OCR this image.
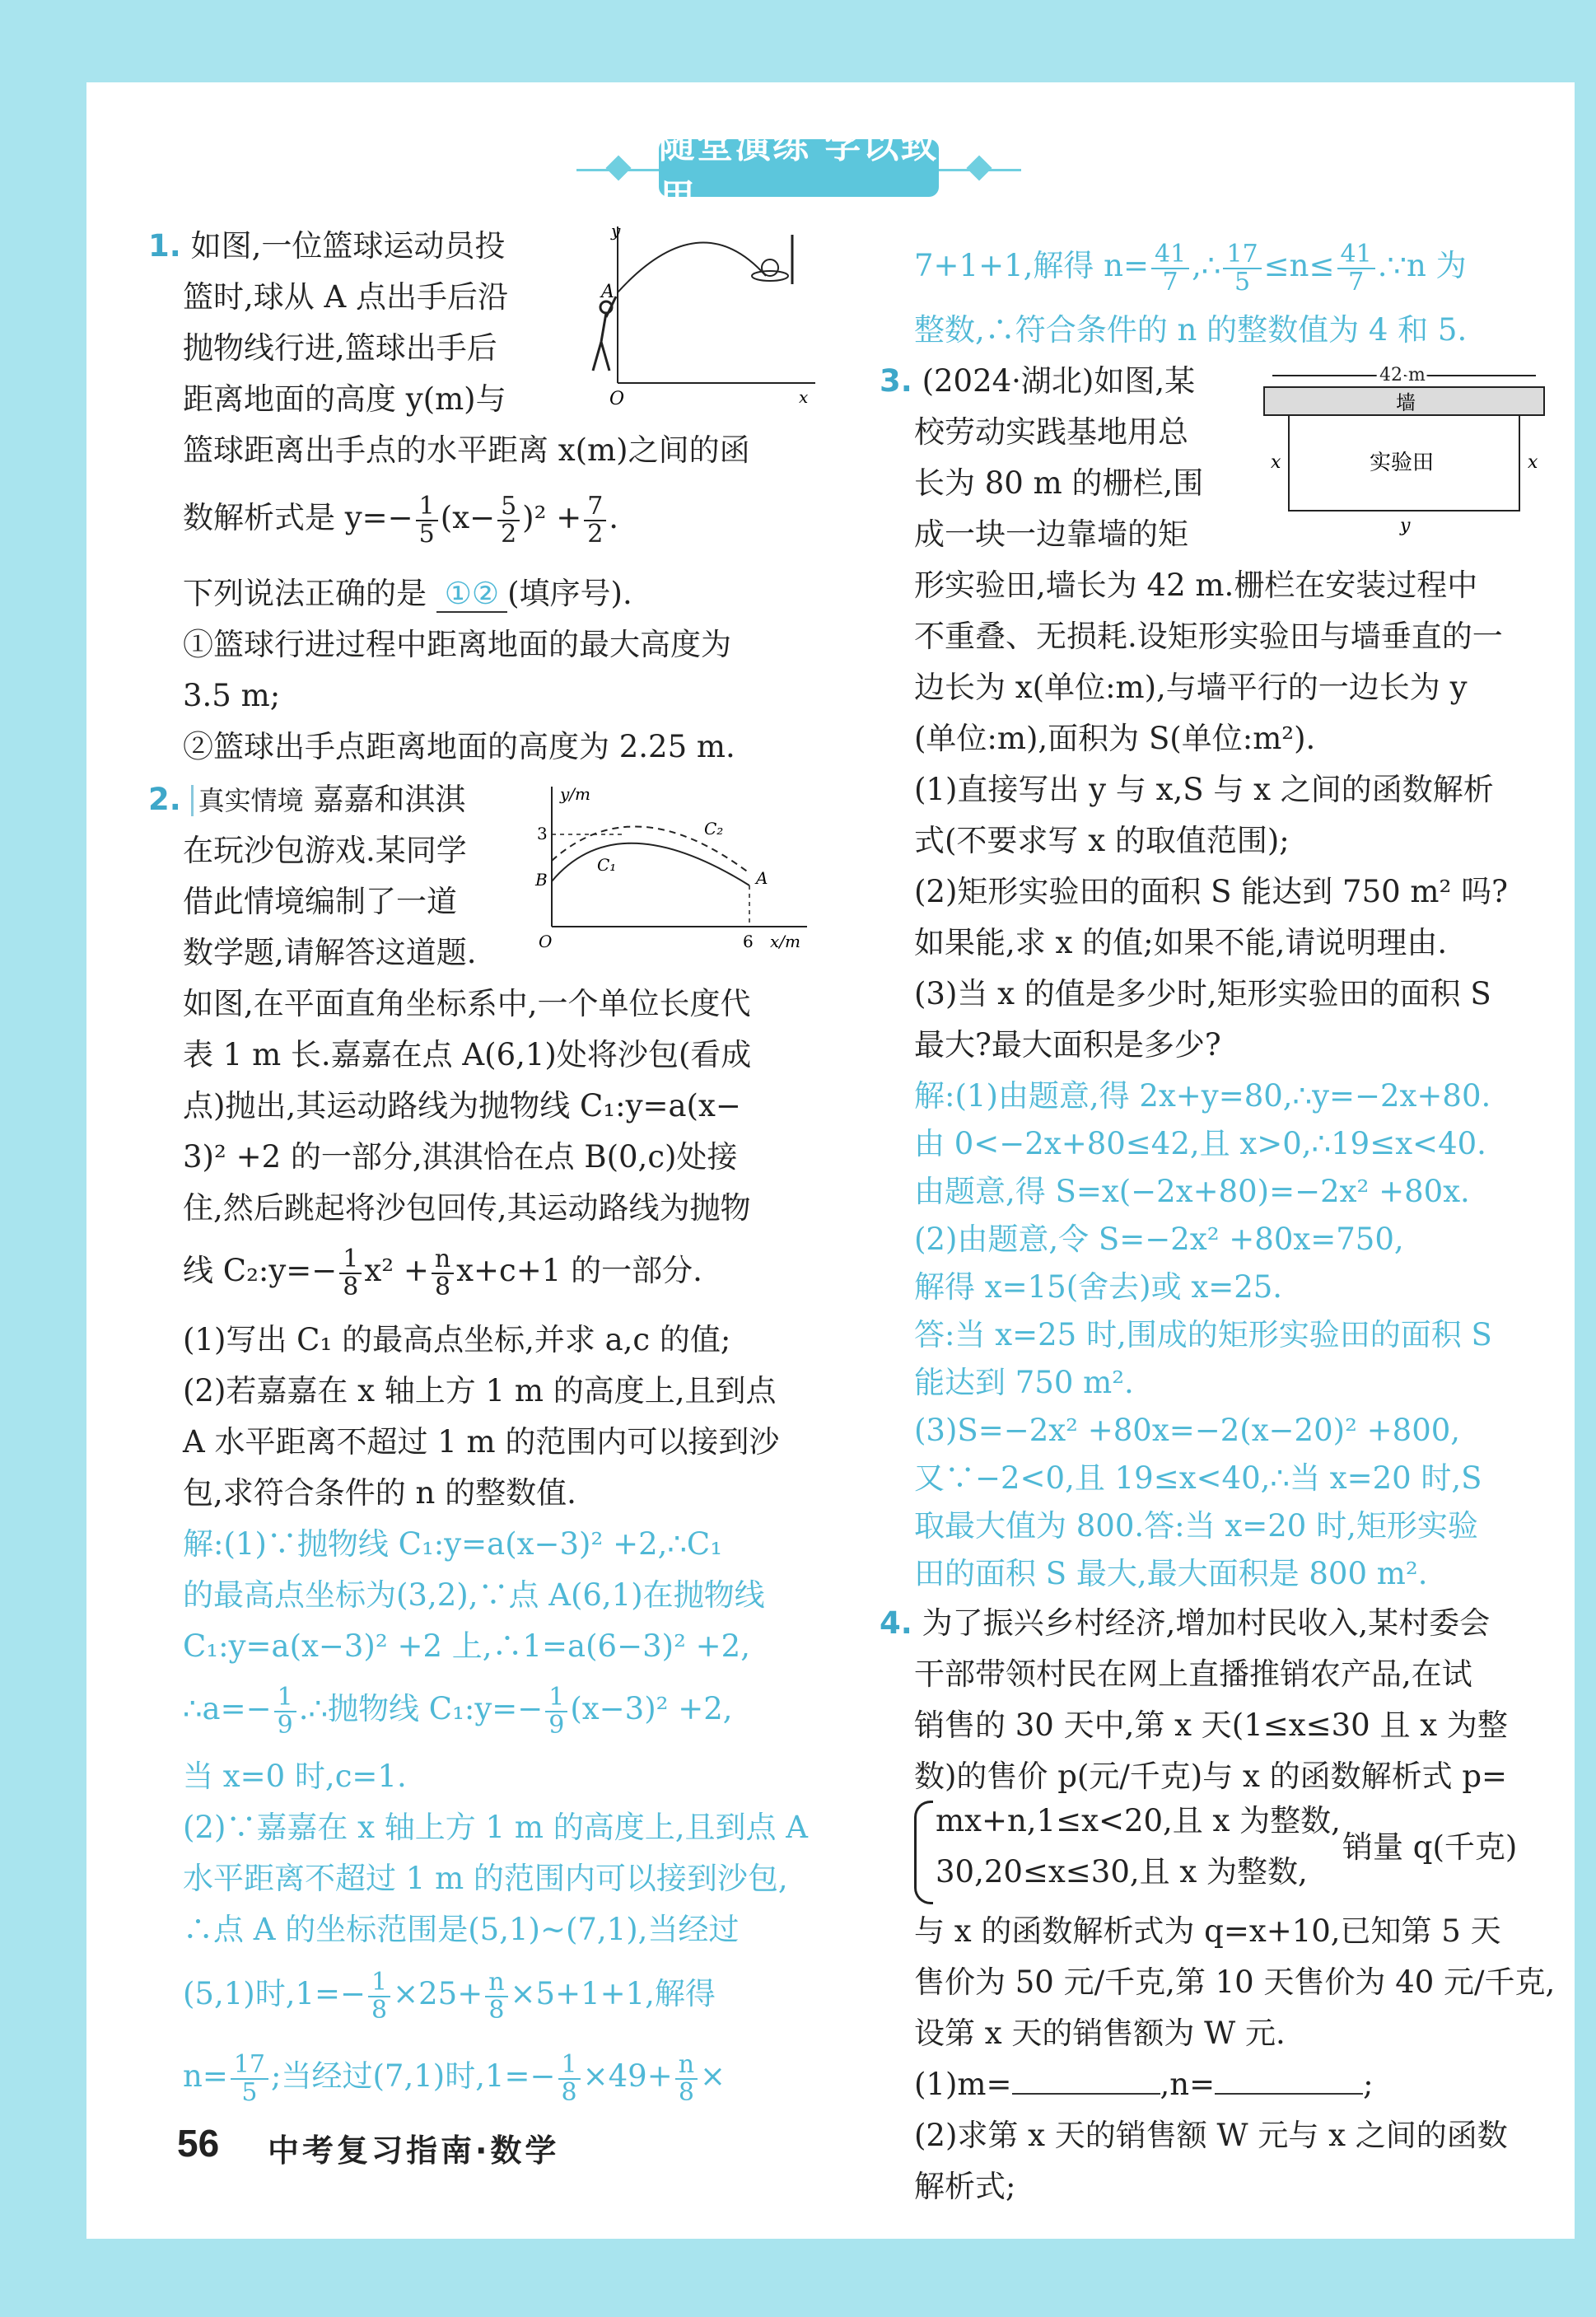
随堂演练 学以致用

1. 如图,一位篮球运动员投

篮时,球从 A 点出手后沿

抛物线行进,篮球出手后

距离地面的高度 y(m)与

篮球距离出手点的水平距离 x(m)之间的函

数解析式是 $y=- \frac{1}{5} (x- \frac{5}{2} )^2 + \frac{7}{2}$ .

下列说法正确的是 ①② (填序号).

①篮球行进过程中距离地面的最大高度为

3.5 m;

②篮球出手点距离地面的高度为 2.25 m.

y
A
O	x

2. 真实情境 嘉嘉和淇淇

在玩沙包游戏.某同学

借此情境编制了一道

数学题,请解答这道题.

如图,在平面直角坐标系中,一个单位长度代

表 1 m 长.嘉嘉在点 A(6,1)处将沙包(看成

点)抛出,其运动路线为抛物线 C₁:y=a(x−

3)² +2 的一部分,淇淇恰在点 B(0,c)处接

住,然后跳起将沙包回传,其运动路线为抛物

线 C₂:y=− $\frac{1}{8} x^2 + \frac{n}{8} x+c+1$ 的一部分.

(1)写出 C₁ 的最高点坐标,并求 a,c 的值;

(2)若嘉嘉在 x 轴上方 1 m 的高度上,且到点

A 水平距离不超过 1 m 的范围内可以接到沙

包,求符合条件的 n 的整数值.

解:(1)∵抛物线 C₁:y=a(x−3)² +2,∴C₁

的最高点坐标为(3,2),∵点 A(6,1)在抛物线

C₁:y=a(x−3)² +2 上,∴1=a(6−3)² +2,

∴a=− $\frac{1}{9}$ .∴抛物线 C₁:y=− $\frac{1}{9} (x-3)^2 +2$,

当 x=0 时,c=1.

(2)∵嘉嘉在 x 轴上方 1 m 的高度上,且到点 A

水平距离不超过 1 m 的范围内可以接到沙包,

∴点 A 的坐标范围是(5,1)~(7,1),当经过

(5,1)时$,1=- \frac{1}{8} \times 25+ \frac{n}{8} \times 5+1+1$,解得

$n= \frac{17}{5}$ ;当经过(7,1)时$,1=- \frac{1}{8} \times 49+ \frac{n}{8}$ ×

y/m
3	C₂
C₁
B	A
O	6 x/m

7+1+1,解得 $n= \frac{41}{7}$ ,∴ $\frac{17}{5} \le n\le \frac{41}{7}$ .∵n 为

整数,∴符合条件的 n 的整数值为 4 和 5.

3. (2024·湖北)如图,某

校劳动实践基地用总

长为 80 m 的栅栏,围

成一块一边靠墙的矩

形实验田,墙长为 42 m.栅栏在安装过程中

不重叠、无损耗.设矩形实验田与墙垂直的一

边长为 x(单位:m),与墙平行的一边长为 y

(单位:m),面积为 S(单位:m²).

(1)直接写出 y 与 x,S 与 x 之间的函数解析

式(不要求写 x 的取值范围);

(2)矩形实验田的面积 S 能达到 750 m² 吗?

如果能,求 x 的值;如果不能,请说明理由.

(3)当 x 的值是多少时,矩形实验田的面积 S

最大?最大面积是多少?

解:(1)由题意,得 2x+y=80,∴y=−2x+80.

由 0<−2x+80≤42,且 x>0,∴19≤x<40.

由题意,得 S=x(−2x+80)=−2x² +80x.

(2)由题意,令 S=−2x² +80x=750,

解得 x=15(舍去)或 x=25.

答:当 x=25 时,围成的矩形实验田的面积 S

能达到 750 m².

(3)S=−2x² +80x=−2(x−20)² +800,

又∵−2<0,且 19≤x<40,∴当 x=20 时,S

取最大值为 800.答:当 x=20 时,矩形实验

田的面积 S 最大,最大面积是 800 m².

42 m
墙
实验田
x	x
y

4. 为了振兴乡村经济,增加村民收入,某村委会

干部带领村民在网上直播推销农产品,在试

销售的 30 天中,第 x 天(1≤x≤30 且 x 为整

数)的售价 p(元/千克)与 x 的函数解析式 p=

mx+n,1≤x<20,且 x 为整数,

30,20≤x≤30,且 x 为整数,

销量 q(千克)

与 x 的函数解析式为 q=x+10,已知第 5 天

售价为 50 元/千克,第 10 天售价为 40 元/千克,

设第 x 天的销售额为 W 元.

(1)m=	,n=	;

(2)求第 x 天的销售额 W 元与 x 之间的函数

解析式;

56 中考复习指南·数学
